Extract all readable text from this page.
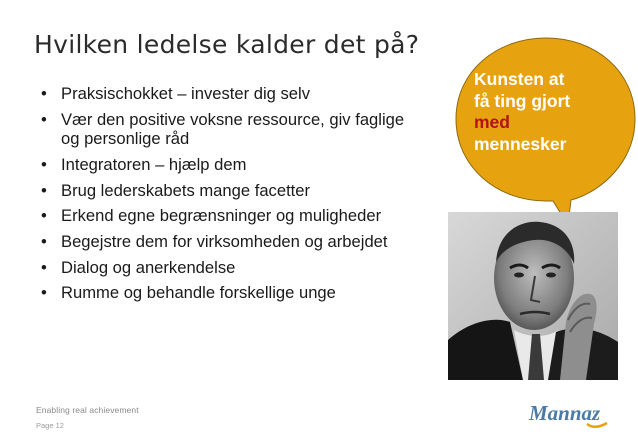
Hvilken ledelse kalder det på?
• Praksischokket – invester dig selv
• Vær den positive voksne ressource, giv faglige og personlige råd
• Integratoren – hjælp dem
• Brug lederskabets mange facetter
• Erkend egne begrænsninger og muligheder
• Begejstre dem for virksomheden og arbejdet
• Dialog og anerkendelse
• Rumme og behandle forskellige unge
Kunsten at
få ting gjort
med
mennesker
Enabling real achievement
Page 12
Mannaz
